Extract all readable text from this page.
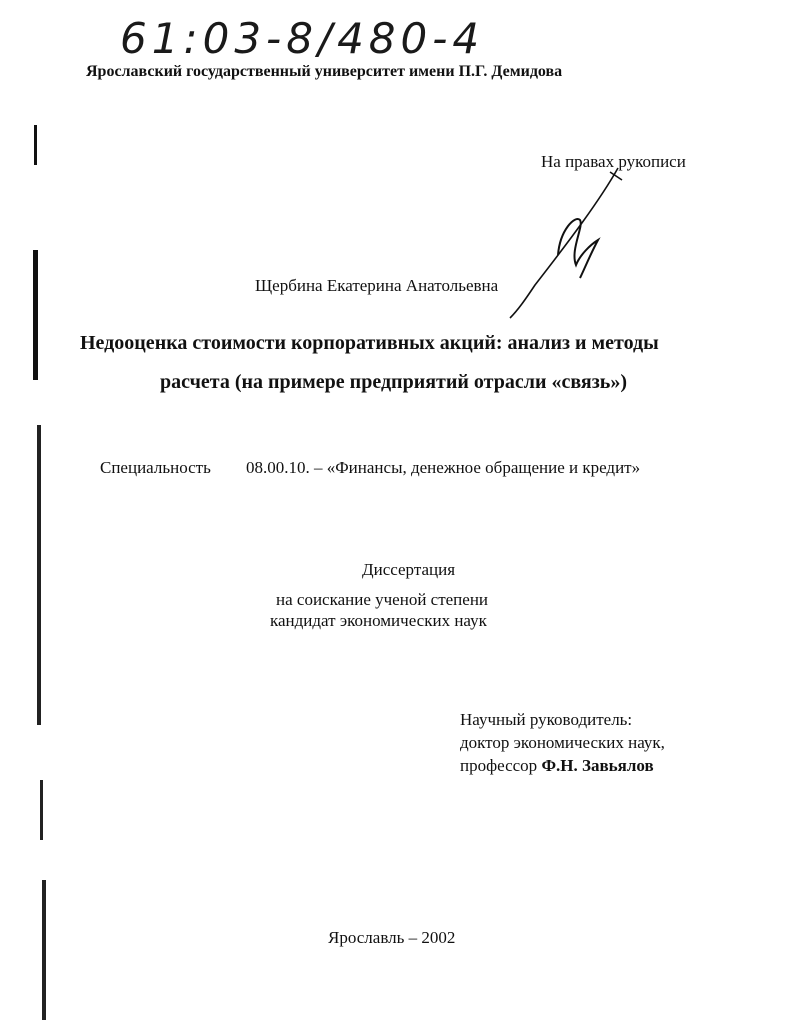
61:03-8/480-4
Ярославский государственный университет имени П.Г. Демидова
На правах рукописи
Щербина Екатерина Анатольевна
Недооценка стоимости корпоративных акций: анализ и методы
расчета (на примере предприятий отрасли «связь»)
Специальность 08.00.10. – «Финансы, денежное обращение и кредит»
Диссертация
на соискание ученой степени
кандидат экономических наук
Научный руководитель:
доктор экономических наук,
профессор Ф.Н. Завьялов
Ярославль – 2002
